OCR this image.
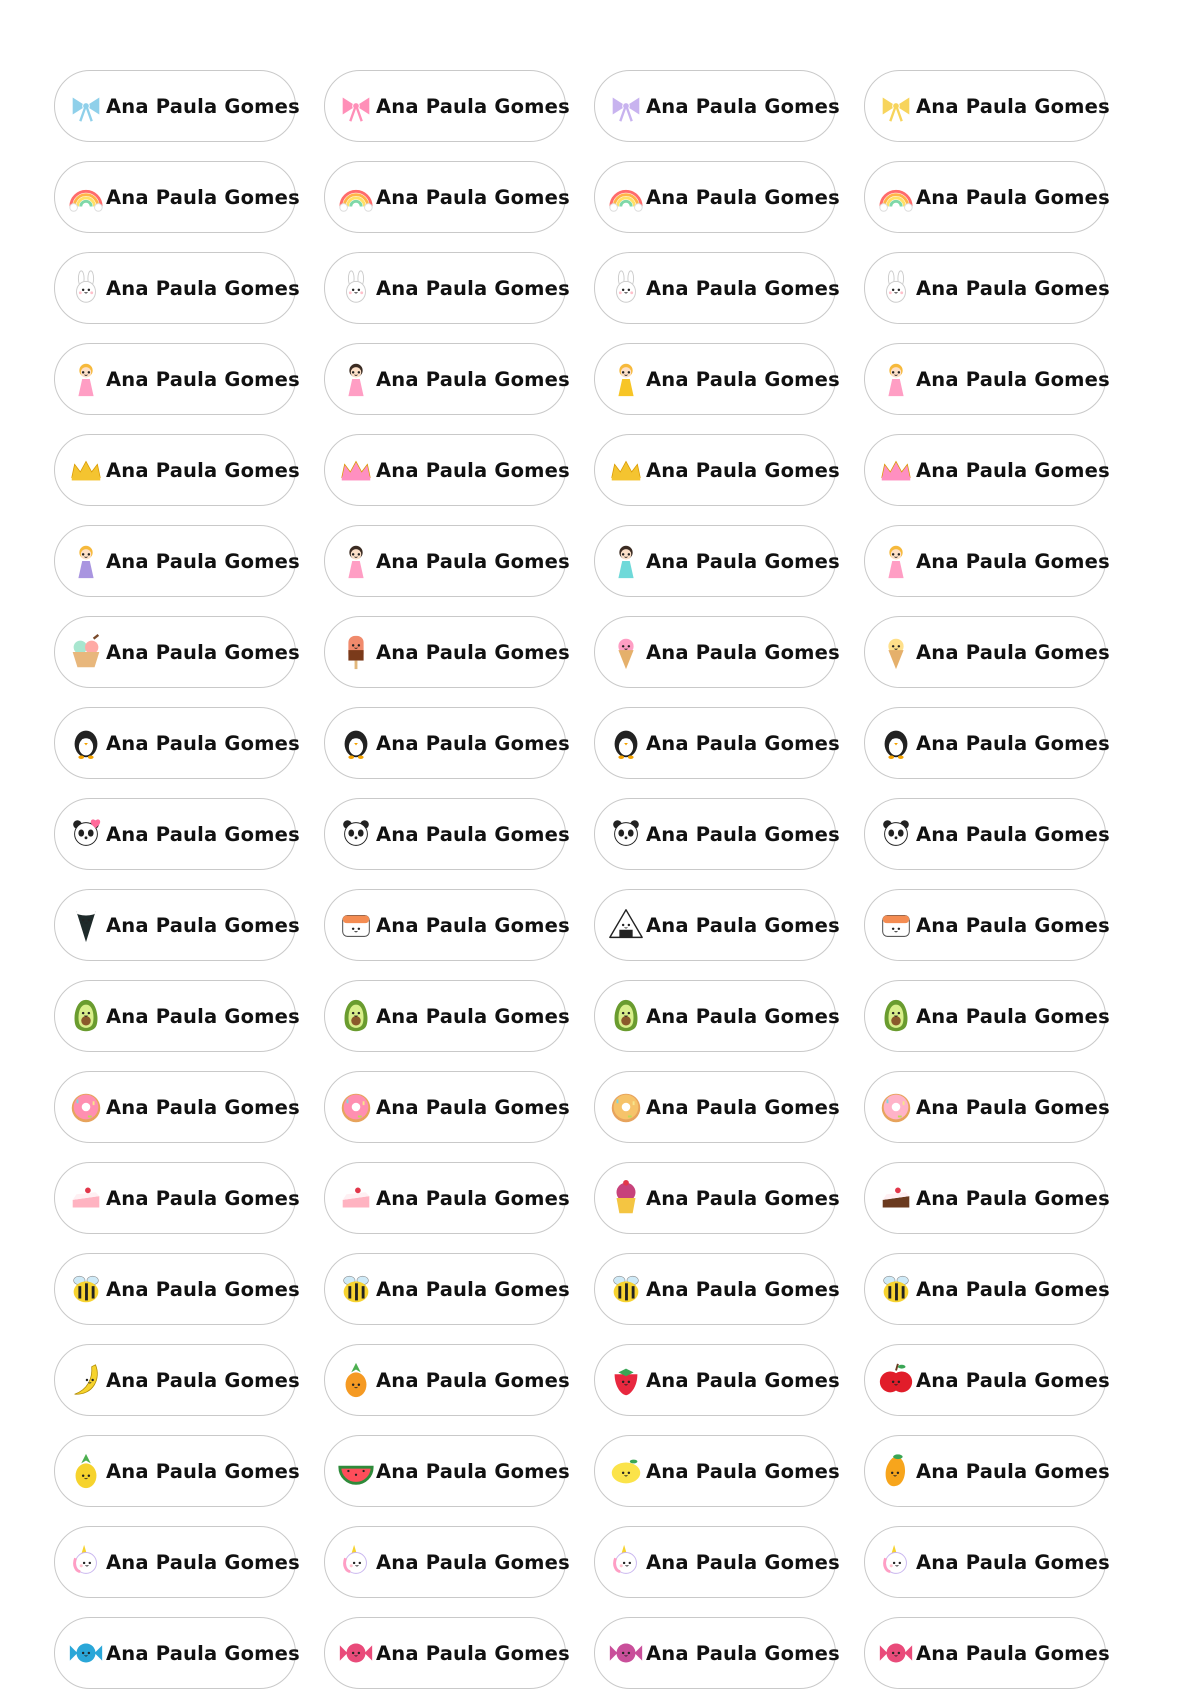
Ana Paula Gomes	Ana Paula Gomes	Ana Paula Gomes	Ana Paula Gomes
Ana Paula Gomes	Ana Paula Gomes	Ana Paula Gomes	Ana Paula Gomes
Ana Paula Gomes	Ana Paula Gomes	Ana Paula Gomes	Ana Paula Gomes
Ana Paula Gomes	Ana Paula Gomes	Ana Paula Gomes	Ana Paula Gomes
Ana Paula Gomes	Ana Paula Gomes	Ana Paula Gomes	Ana Paula Gomes
Ana Paula Gomes	Ana Paula Gomes	Ana Paula Gomes	Ana Paula Gomes
Ana Paula Gomes	Ana Paula Gomes	Ana Paula Gomes	Ana Paula Gomes
Ana Paula Gomes	Ana Paula Gomes	Ana Paula Gomes	Ana Paula Gomes
Ana Paula Gomes	Ana Paula Gomes	Ana Paula Gomes	Ana Paula Gomes
Ana Paula Gomes	Ana Paula Gomes	Ana Paula Gomes	Ana Paula Gomes
Ana Paula Gomes	Ana Paula Gomes	Ana Paula Gomes	Ana Paula Gomes
Ana Paula Gomes	Ana Paula Gomes	Ana Paula Gomes	Ana Paula Gomes
Ana Paula Gomes	Ana Paula Gomes	Ana Paula Gomes	Ana Paula Gomes
Ana Paula Gomes	Ana Paula Gomes	Ana Paula Gomes	Ana Paula Gomes
Ana Paula Gomes	Ana Paula Gomes	Ana Paula Gomes	Ana Paula Gomes
Ana Paula Gomes	Ana Paula Gomes	Ana Paula Gomes	Ana Paula Gomes
Ana Paula Gomes	Ana Paula Gomes	Ana Paula Gomes	Ana Paula Gomes
Ana Paula Gomes	Ana Paula Gomes	Ana Paula Gomes	Ana Paula Gomes
